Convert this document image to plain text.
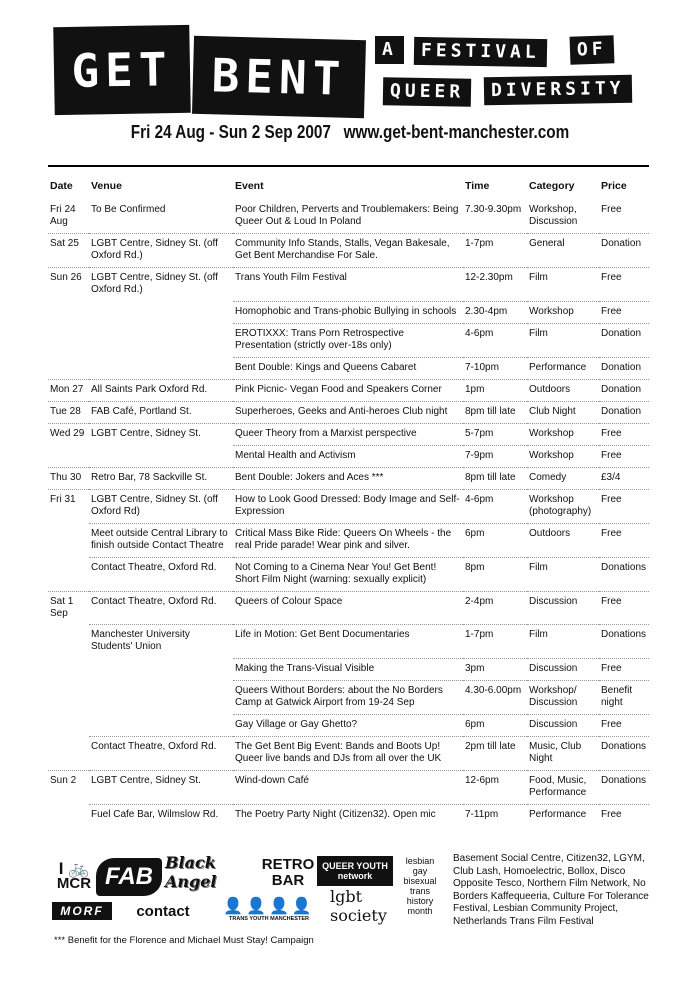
GET BENT	A	FESTIVAL	OF
QUEER	DIVERSITY
Fri 24 Aug - Sun 2 Sep 2007 www.get-bent-manchester.com
Date	Venue	Event	Time	Category	Price
Fri 24 Aug	To Be Confirmed	Poor Children, Perverts and Troublemakers: Being Queer Out & Loud In Poland	7.30-9.30pm	Workshop, Discussion	Free
Sat 25	LGBT Centre, Sidney St. (off Oxford Rd.)	Community Info Stands, Stalls, Vegan Bakesale, Get Bent Merchandise For Sale.	1-7pm	General	Donation
Sun 26	LGBT Centre, Sidney St. (off Oxford Rd.)	Trans Youth Film Festival	12-2.30pm	Film	Free
		Homophobic and Trans-phobic Bullying in schools	2.30-4pm	Workshop	Free
		EROTIXXX: Trans Porn Retrospective Presentation (strictly over-18s only)	4-6pm	Film	Donation
		Bent Double: Kings and Queens Cabaret	7-10pm	Performance	Donation
Mon 27	All Saints Park Oxford Rd.	Pink Picnic- Vegan Food and Speakers Corner	1pm	Outdoors	Donation
Tue 28	FAB Café, Portland St.	Superheroes, Geeks and Anti-heroes Club night	8pm till late	Club Night	Donation
Wed 29	LGBT Centre, Sidney St.	Queer Theory from a Marxist perspective	5-7pm	Workshop	Free
		Mental Health and Activism	7-9pm	Workshop	Free
Thu 30	Retro Bar, 78 Sackville St.	Bent Double: Jokers and Aces ***	8pm till late	Comedy	£3/4
Fri 31	LGBT Centre, Sidney St. (off Oxford Rd)	How to Look Good Dressed: Body Image and Self-Expression	4-6pm	Workshop (photography)	Free
	Meet outside Central Library to finish outside Contact Theatre	Critical Mass Bike Ride: Queers On Wheels - the real Pride parade! Wear pink and silver.	6pm	Outdoors	Free
	Contact Theatre, Oxford Rd.	Not Coming to a Cinema Near You! Get Bent! Short Film Night (warning: sexually explicit)	8pm	Film	Donations
Sat 1 Sep	Contact Theatre, Oxford Rd.	Queers of Colour Space	2-4pm	Discussion	Free
	Manchester University Students' Union	Life in Motion: Get Bent Documentaries	1-7pm	Film	Donations
		Making the Trans-Visual Visible	3pm	Discussion	Free
		Queers Without Borders: about the No Borders Camp at Gatwick Airport from 19-24 Sep	4.30-6.00pm	Workshop/ Discussion	Benefit night
		Gay Village or Gay Ghetto?	6pm	Discussion	Free
	Contact Theatre, Oxford Rd.	The Get Bent Big Event: Bands and Boots Up! Queer live bands and DJs from all over the UK	2pm till late	Music, Club Night	Donations
Sun 2	LGBT Centre, Sidney St.	Wind-down Café	12-6pm	Food, Music, Performance	Donations
	Fuel Cafe Bar, Wilmslow Rd.	The Poetry Party Night (Citizen32). Open mic	7-11pm	Performance	Free
I 🚲
MCR FAB
Black Angel
RETRO BAR
QUEER YOUTH network
lesbian gay bisexual trans history month
MORF	contact	👤👤👤👤
TRANS YOUTH MANCHESTER
lgbt society
Basement Social Centre, Citizen32, LGYM, Club Lash, Homoelectric, Bollox, Disco Opposite Tesco, Northern Film Network, No Borders Kaffequeeria, Culture For Tolerance Festival, Lesbian Community Project, Netherlands Trans Film Festival
*** Benefit for the Florence and Michael Must Stay! Campaign
